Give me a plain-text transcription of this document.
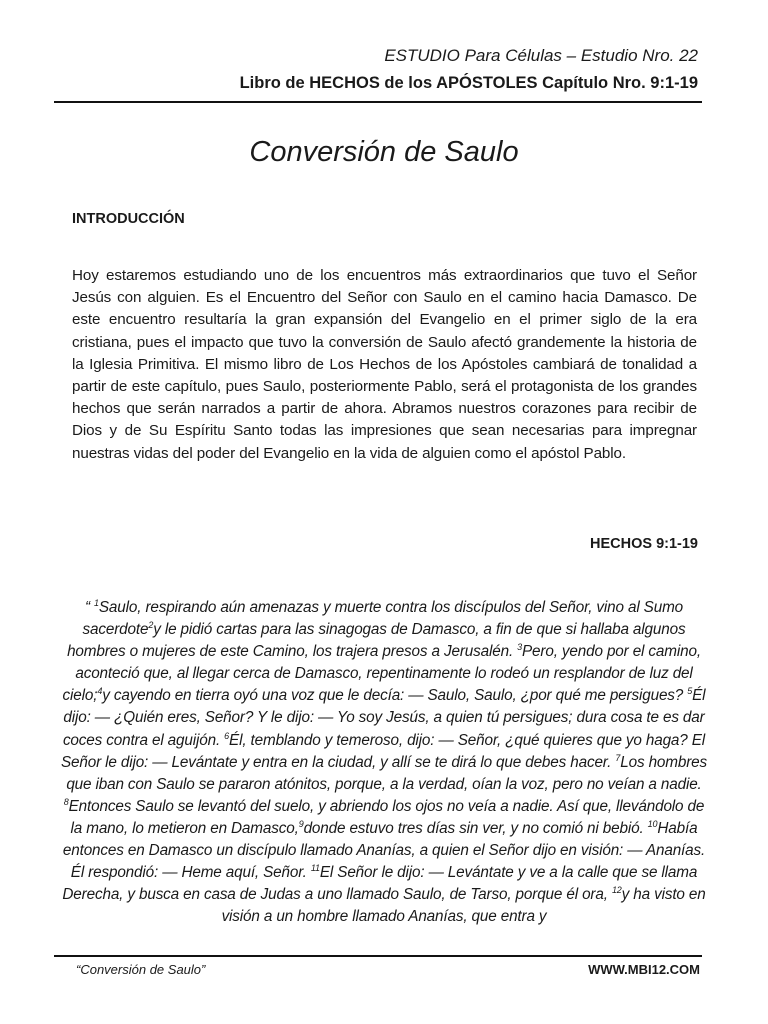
ESTUDIO Para Células – Estudio Nro. 22
Libro de HECHOS de los APÓSTOLES Capítulo Nro. 9:1-19
Conversión de Saulo
INTRODUCCIÓN
Hoy estaremos estudiando uno de los encuentros más extraordinarios que tuvo el Señor Jesús con alguien. Es el Encuentro del Señor con Saulo en el camino hacia Damasco. De este encuentro resultaría la gran expansión del Evangelio en el primer siglo de la era cristiana, pues el impacto que tuvo la conversión de Saulo afectó grandemente la historia de la Iglesia Primitiva. El mismo libro de Los Hechos de los Apóstoles cambiará de tonalidad a partir de este capítulo, pues Saulo, posteriormente Pablo, será el protagonista de los grandes hechos que serán narrados a partir de ahora. Abramos nuestros corazones para recibir de Dios y de Su Espíritu Santo todas las impresiones que sean necesarias para impregnar nuestras vidas del poder del Evangelio en la vida de alguien como el apóstol Pablo.
HECHOS 9:1-19
“ $^1$Saulo, respirando aún amenazas y muerte contra los discípulos del Señor, vino al Sumo sacerdote$^2$y le pidió cartas para las sinagogas de Damasco, a fin de que si hallaba algunos hombres o mujeres de este Camino, los trajera presos a Jerusalén. $^3$Pero, yendo por el camino, aconteció que, al llegar cerca de Damasco, repentinamente lo rodeó un resplandor de luz del cielo;$^4$y cayendo en tierra oyó una voz que le decía: — Saulo, Saulo, ¿por qué me persigues? $^5$Él dijo: — ¿Quién eres, Señor? Y le dijo: — Yo soy Jesús, a quien tú persigues; dura cosa te es dar coces contra el aguijón. $^6$Él, temblando y temeroso, dijo: — Señor, ¿qué quieres que yo haga? El Señor le dijo: — Levántate y entra en la ciudad, y allí se te dirá lo que debes hacer. $^7$Los hombres que iban con Saulo se pararon atónitos, porque, a la verdad, oían la voz, pero no veían a nadie. $^8$Entonces Saulo se levantó del suelo, y abriendo los ojos no veía a nadie. Así que, llevándolo de la mano, lo metieron en Damasco,$^9$donde estuvo tres días sin ver, y no comió ni bebió. $^{10}$Había entonces en Damasco un discípulo llamado Ananías, a quien el Señor dijo en visión: — Ananías. Él respondió: — Heme aquí, Señor. $^{11}$El Señor le dijo: — Levántate y ve a la calle que se llama Derecha, y busca en casa de Judas a uno llamado Saulo, de Tarso, porque él ora, $^{12}$y ha visto en visión a un hombre llamado Ananías, que entra y
“Conversión de Saulo”	WWW.MBI12.COM
